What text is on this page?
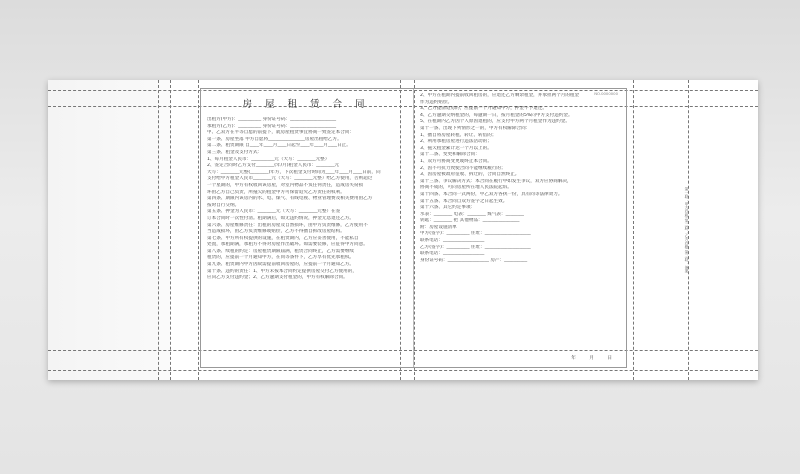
NO.0000000
房 屋 租 赁 合 同
出租方(甲方)：__________ 身份证号码：____________________
承租方(乙方)：__________ 身份证号码：____________________
甲、乙双方在平等自愿的前提下，就房屋租赁事宜协商一致签定本合同：
第一条、房屋坐落 甲方自愿将________________房屋出租给乙方。
第二条、租赁期限 自____年____月____日起至____年____月____日止。
第三条、租金及支付方式：
1、每月租金人民币：__________元（大写：________元整）
2、签定合同时乙方支付________(年/月)租金人民币：________元
大写：________元整(________)年方，下次租金支付时间为____年____月____日前，向
支付给甲方租金人民币________元（大写：________元整）给乙方使用，否则超过
一个星期的，甲方有权收回该房屋，对室内物品不负任何责任，造成房失窃损
坏由乙方自己负责，所拖欠的租金甲方可保留追究乙方责任的权利。
第四条、期限内该房内的水、电、煤气、有线电视、物业管理费及相关费用由乙方
按时自行交纳。
第五条、押金为人民币：________元（大写：________元整）在签
订本合同时一次性付清。租期满后，如无违约情况，押金无息退还乙方。
第六条、房屋维修责任：出租的房屋及自然损坏，由甲方负责维修，乙方使用不
当造成损坏，由乙方负责维修或赔偿，乙方不得擅自拆改房屋结构。
第七条、甲方所有权提供的设施，在租赁期内，乙方应妥善使用，不能私自
处置，承租期满，承租方不得对房屋作出破坏。如需要装修，应征得甲方同意。
第八条、续租的约定：房屋租赁期限届满，租赁合同终止，乙方需要继续
租赁的，应提前一个月通知甲方，在同等条件下，乙方享有优先承租权。
第九条、租赁期内甲方因故需提前收回房屋的，应提前一个月通知乙方。
第十条、违约的责任：1、甲方未按本合同约定提供房屋交付乙方使用的，
应向乙方支付违约金；2、乙方逾期支付租金的，甲方有权解除合同。
2、甲方在租期内提前收回租房的，应退还乙方剩余租金，并承担两个月的租金
作为违约赔偿。
3、乙方提前退房的，应提前一个月通知甲方，押金不予退还。
4、乙方逾期交纳租金的，每逾期一日，按月租金的5%向甲方支付违约金。
5、在租期内乙方因个人原因退租的，应支付甲方两个月租金作为违约金。
第十一条、出现下列情形之一的，甲方有权解除合同：
1、擅自将房屋转租、转让、转借的；
2、利用承租房屋进行违法活动的；
3、拖欠租金累计达一个月以上的。
第十二条、变更和解除合同：
1、双方可协商变更或终止本合同。
2、因不可抗力致使合同不能继续履行的；
3、因房屋被政府征收、拆迁的，合同自然终止。
第十三条、争议解决方式：本合同在履行中如发生争议，双方应协商解决，
协商不成的，可向房屋所在地人民法院起诉。
第十四条、本合同一式两份，甲乙双方各执一份，具有同等法律效力。
第十五条、本合同自双方签字之日起生效。
第十六条、其它约定事项：
水表：________ 电表：________ 煤气表：________
钥匙：________ 把 其他物品：________________
附：房屋设施清单
甲方(签字)：__________ 住址：____________________
联系电话：__________________
乙方(签字)：__________ 住址：____________________
联系电话：__________________
身份证号码：__________________ 房产：__________
年 月 日
第一联：甲方存根 第二联：乙方存根 第三联：备案
